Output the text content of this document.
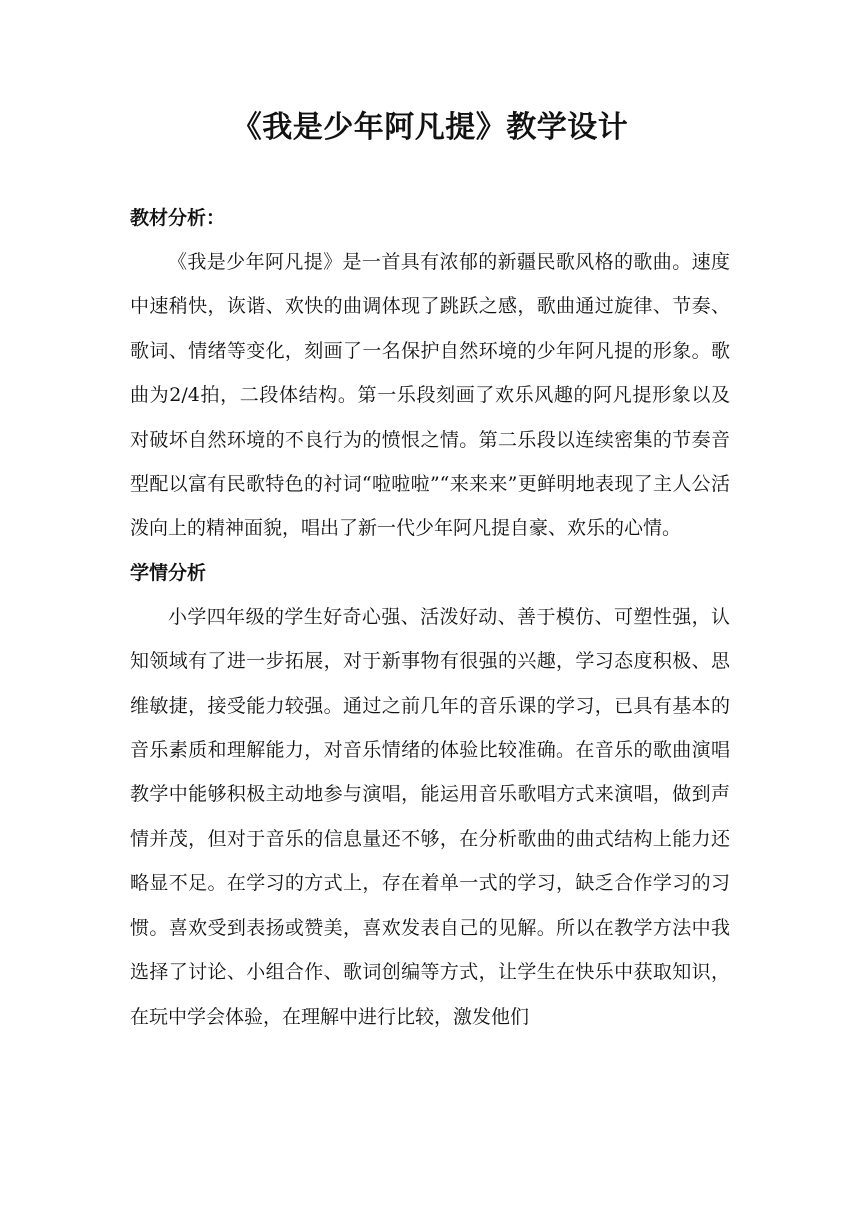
《我是少年阿凡提》教学设计
教材分析：

《我是少年阿凡提》是一首具有浓郁的新疆民歌风格的歌曲。速度中速稍快，诙谐、欢快的曲调体现了跳跃之感，歌曲通过旋律、节奏、歌词、情绪等变化，刻画了一名保护自然环境的少年阿凡提的形象。歌曲为2/4拍，二段体结构。第一乐段刻画了欢乐风趣的阿凡提形象以及对破坏自然环境的不良行为的愤恨之情。第二乐段以连续密集的节奏音型配以富有民歌特色的衬词“啦啦啦”“来来来”更鲜明地表现了主人公活泼向上的精神面貌，唱出了新一代少年阿凡提自豪、欢乐的心情。

学情分析

小学四年级的学生好奇心强、活泼好动、善于模仿、可塑性强，认知领域有了进一步拓展，对于新事物有很强的兴趣，学习态度积极、思维敏捷，接受能力较强。通过之前几年的音乐课的学习，已具有基本的音乐素质和理解能力，对音乐情绪的体验比较准确。在音乐的歌曲演唱教学中能够积极主动地参与演唱，能运用音乐歌唱方式来演唱，做到声情并茂，但对于音乐的信息量还不够，在分析歌曲的曲式结构上能力还略显不足。在学习的方式上，存在着单一式的学习，缺乏合作学习的习惯。喜欢受到表扬或赞美，喜欢发表自己的见解。所以在教学方法中我选择了讨论、小组合作、歌词创编等方式，让学生在快乐中获取知识，在玩中学会体验，在理解中进行比较，激发他们
